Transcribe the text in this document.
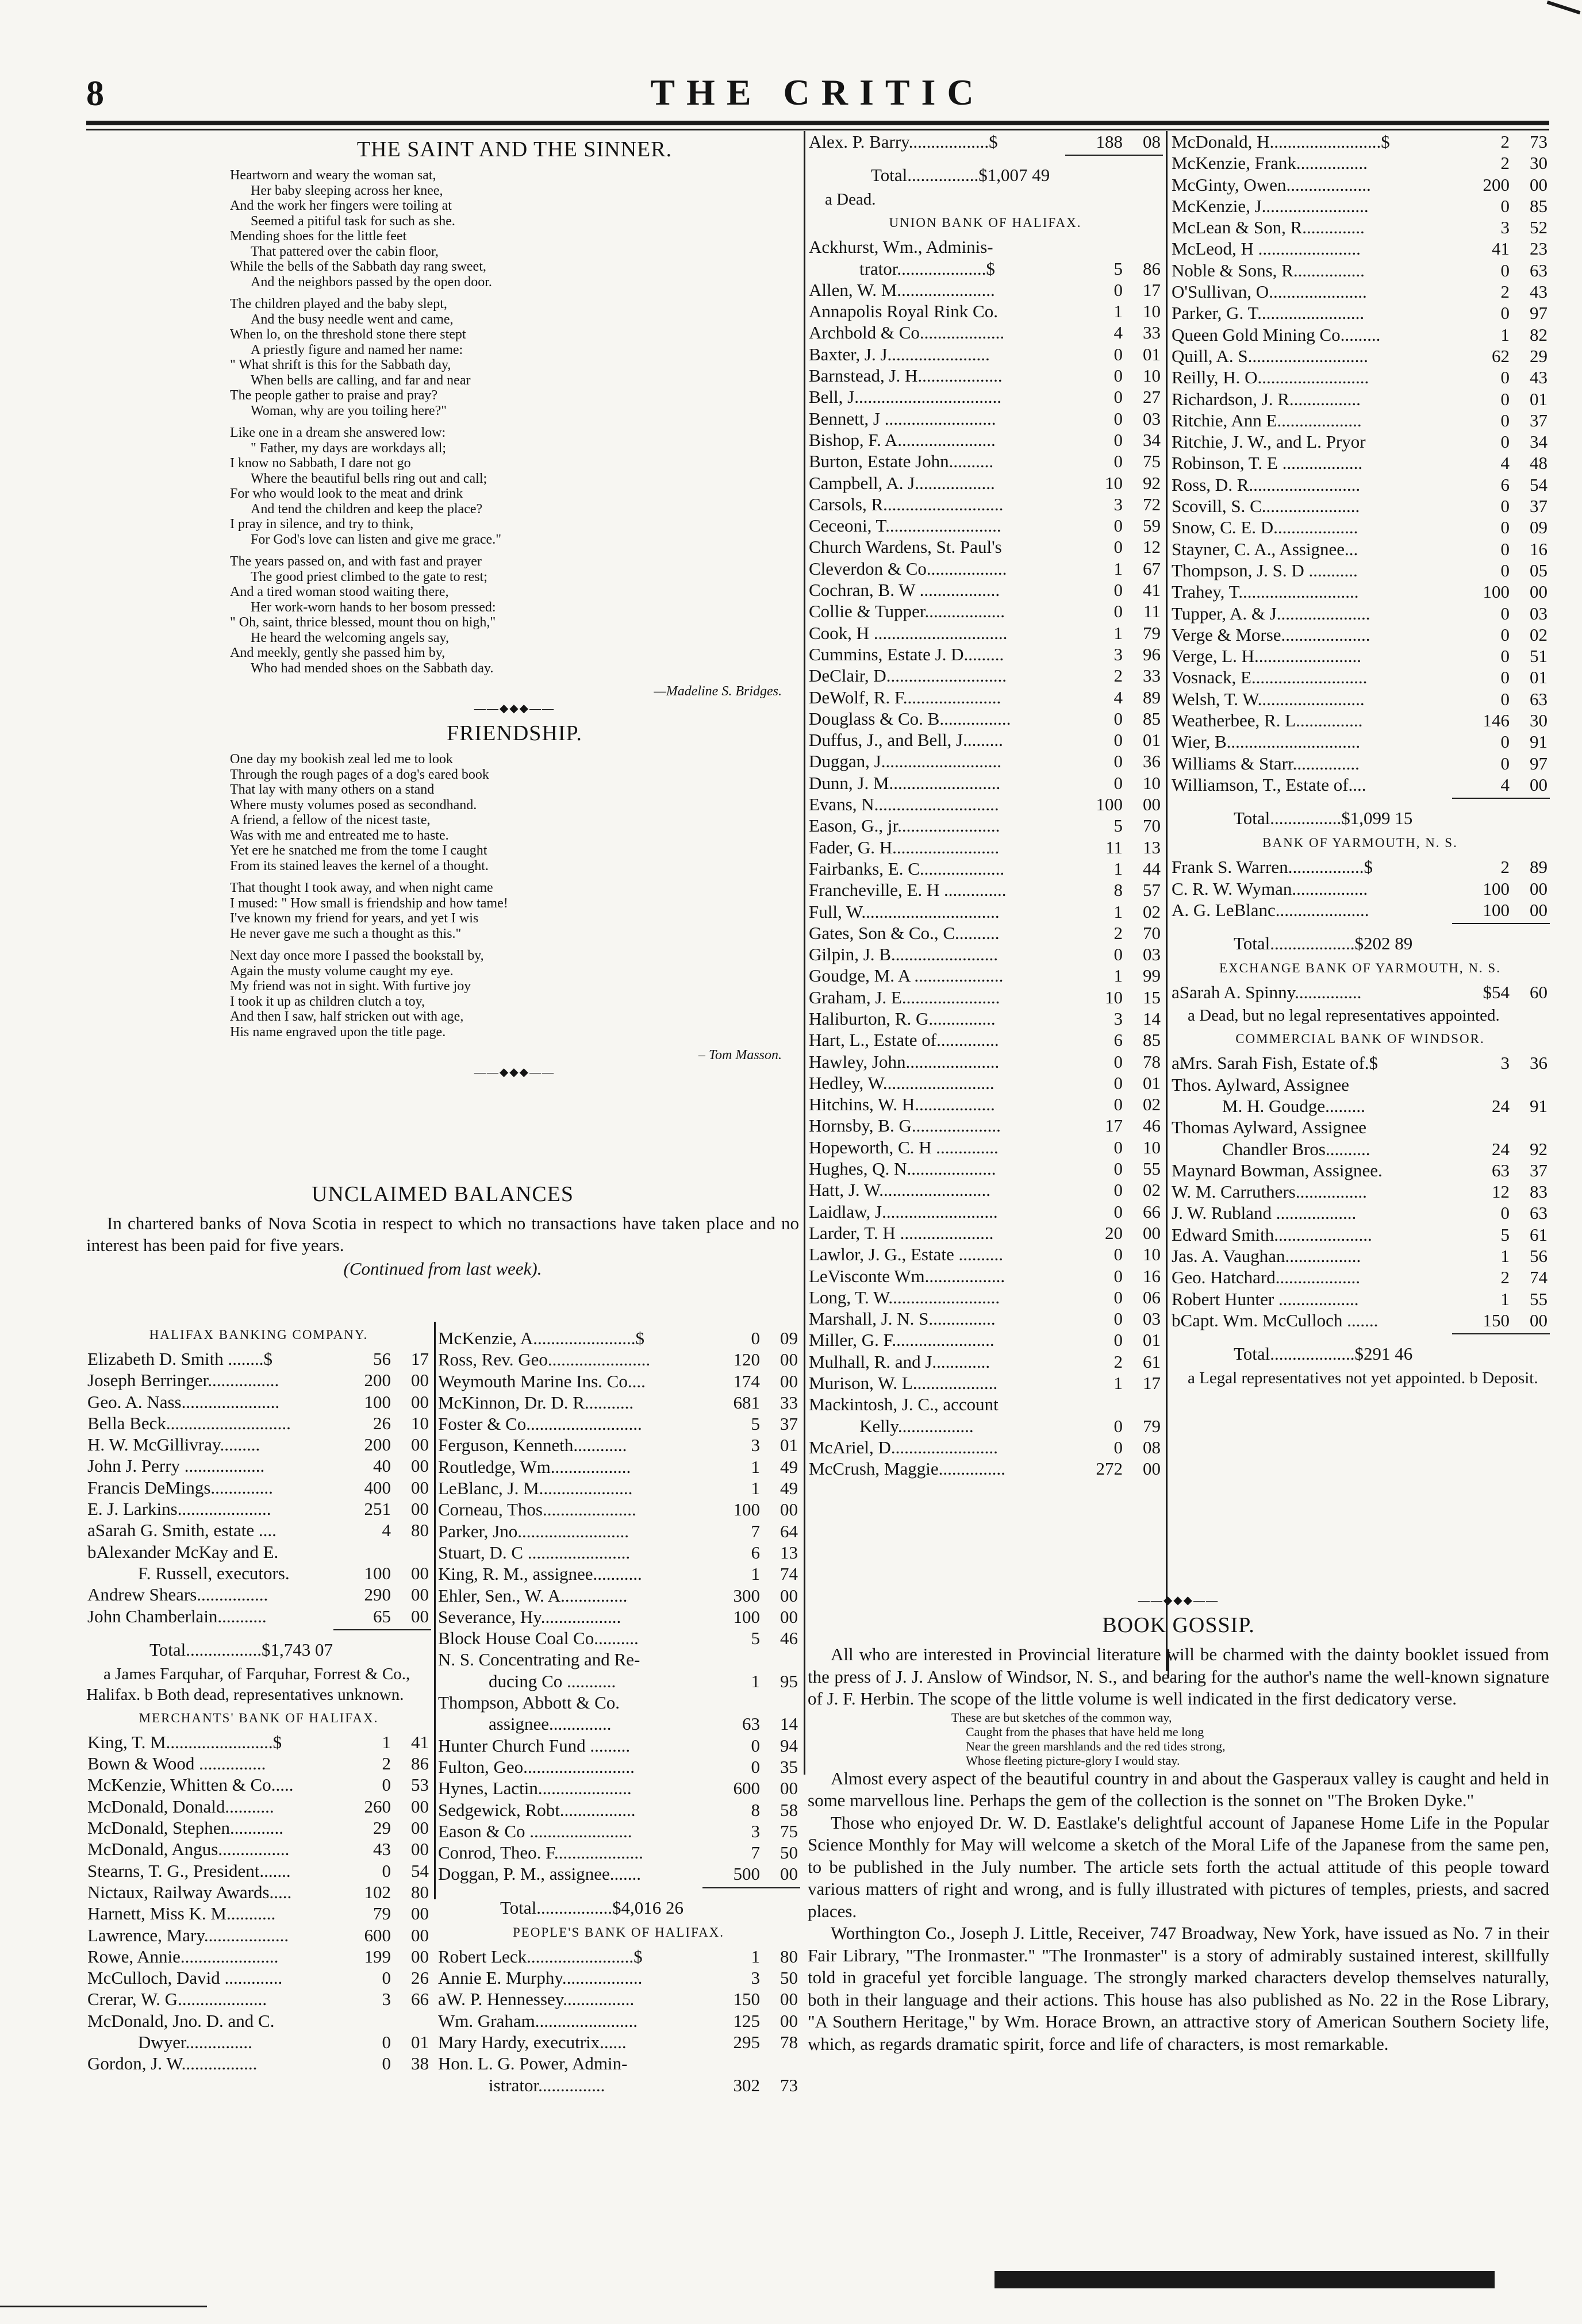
8	THE CRITIC
THE SAINT AND THE SINNER.
Heartworn and weary the woman sat,
Her baby sleeping across her knee,
And the work her fingers were toiling at
Seemed a pitiful task for such as she.
Mending shoes for the little feet
That pattered over the cabin floor,
While the bells of the Sabbath day rang sweet,
And the neighbors passed by the open door.
The children played and the baby slept,
And the busy needle went and came,
When lo, on the threshold stone there stept
A priestly figure and named her name:
" What shrift is this for the Sabbath day,
When bells are calling, and far and near
The people gather to praise and pray?
Woman, why are you toiling here?"
Like one in a dream she answered low:
" Father, my days are workdays all;
I know no Sabbath, I dare not go
Where the beautiful bells ring out and call;
For who would look to the meat and drink
And tend the children and keep the place?
I pray in silence, and try to think,
For God's love can listen and give me grace."
The years passed on, and with fast and prayer
The good priest climbed to the gate to rest;
And a tired woman stood waiting there,
Her work-worn hands to her bosom pressed:
" Oh, saint, thrice blessed, mount thou on high,"
He heard the welcoming angels say,
And meekly, gently she passed him by,
Who had mended shoes on the Sabbath day.
—Madeline S. Bridges.
——◆◆◆——
FRIENDSHIP.
One day my bookish zeal led me to look
Through the rough pages of a dog's eared book
That lay with many others on a stand
Where musty volumes posed as secondhand.
A friend, a fellow of the nicest taste,
Was with me and entreated me to haste.
Yet ere he snatched me from the tome I caught
From its stained leaves the kernel of a thought.
That thought I took away, and when night came
I mused: " How small is friendship and how tame!
I've known my friend for years, and yet I wis
He never gave me such a thought as this."
Next day once more I passed the bookstall by,
Again the musty volume caught my eye.
My friend was not in sight. With furtive joy
I took it up as children clutch a toy,
And then I saw, half stricken out with age,
His name engraved upon the title page.
– Tom Masson.
——◆◆◆——
UNCLAIMED BALANCES
In chartered banks of Nova Scotia in respect to which no transactions have taken place and no interest has been paid for five years.
(Continued from last week).
HALIFAX BANKING COMPANY.
Elizabeth D. Smith ........$	56	17
Joseph Berringer................	200	00
Geo. A. Nass......................	100	00
Bella Beck............................	26	10
H. W. McGillivray.........	200	00
John J. Perry ..................	40	00
Francis DeMings..............	400	00
E. J. Larkins.....................	251	00
aSarah G. Smith, estate ....	4	80
bAlexander McKay and E.
F. Russell, executors.	100	00
Andrew Shears................	290	00
John Chamberlain...........	65	00
Total.................$1,743 07
a James Farquhar, of Farquhar, Forrest & Co., Halifax. b Both dead, representatives unknown.
MERCHANTS' BANK OF HALIFAX.
King, T. M........................$	1	41
Bown & Wood ...............	2	86
McKenzie, Whitten & Co.....	0	53
McDonald, Donald...........	260	00
McDonald, Stephen............	29	00
McDonald, Angus................	43	00
Stearns, T. G., President.......	0	54
Nictaux, Railway Awards.....	102	80
Harnett, Miss K. M...........	79	00
Lawrence, Mary...................	600	00
Rowe, Annie......................	199	00
McCulloch, David .............	0	26
Crerar, W. G....................	3	66
McDonald, Jno. D. and C.
Dwyer...............	0	01
Gordon, J. W.................	0	38
McKenzie, A.......................$	0	09
Ross, Rev. Geo.......................	120	00
Weymouth Marine Ins. Co....	174	00
McKinnon, Dr. D. R...........	681	33
Foster & Co..........................	5	37
Ferguson, Kenneth............	3	01
Routledge, Wm..................	1	49
LeBlanc, J. M.....................	1	49
Corneau, Thos.....................	100	00
Parker, Jno.........................	7	64
Stuart, D. C .......................	6	13
King, R. M., assignee...........	1	74
Ehler, Sen., W. A...............	300	00
Severance, Hy..................	100	00
Block House Coal Co..........	5	46
N. S. Concentrating and Re-
ducing Co ...........	1	95
Thompson, Abbott & Co.
assignee..............	63	14
Hunter Church Fund .........	0	94
Fulton, Geo.........................	0	35
Hynes, Lactin.....................	600	00
Sedgewick, Robt.................	8	58
Eason & Co .......................	3	75
Conrod, Theo. F....................	7	50
Doggan, P. M., assignee.......	500	00
Total.................$4,016 26
PEOPLE'S BANK OF HALIFAX.
Robert Leck........................$	1	80
Annie E. Murphy..................	3	50
aW. P. Hennessey................	150	00
Wm. Graham.......................	125	00
Mary Hardy, executrix......	295	78
Hon. L. G. Power, Admin-
istrator...............	302	73
Alex. P. Barry..................$	188	08
Total................$1,007 49
a Dead.
UNION BANK OF HALIFAX.
Ackhurst, Wm., Adminis-
trator....................$	5	86
Allen, W. M......................	0	17
Annapolis Royal Rink Co.	1	10
Archbold & Co...................	4	33
Baxter, J. J.......................	0	01
Barnstead, J. H...................	0	10
Bell, J.................................	0	27
Bennett, J .........................	0	03
Bishop, F. A......................	0	34
Burton, Estate John..........	0	75
Campbell, A. J..................	10	92
Carsols, R...........................	3	72
Ceceoni, T..........................	0	59
Church Wardens, St. Paul's	0	12
Cleverdon & Co..................	1	67
Cochran, B. W ..................	0	41
Collie & Tupper..................	0	11
Cook, H ..............................	1	79
Cummins, Estate J. D.........	3	96
DeClair, D...........................	2	33
DeWolf, R. F......................	4	89
Douglass & Co. B................	0	85
Duffus, J., and Bell, J.........	0	01
Duggan, J...........................	0	36
Dunn, J. M.........................	0	10
Evans, N............................	100	00
Eason, G., jr.......................	5	70
Fader, G. H........................	11	13
Fairbanks, E. C...................	1	44
Francheville, E. H ..............	8	57
Full, W...............................	1	02
Gates, Son & Co., C..........	2	70
Gilpin, J. B........................	0	03
Goudge, M. A ....................	1	99
Graham, J. E......................	10	15
Haliburton, R. G...............	3	14
Hart, L., Estate of..............	6	85
Hawley, John.....................	0	78
Hedley, W.........................	0	01
Hitchins, W. H..................	0	02
Hornsby, B. G....................	17	46
Hopeworth, C. H ..............	0	10
Hughes, Q. N....................	0	55
Hatt, J. W.........................	0	02
Laidlaw, J..........................	0	66
Larder, T. H .....................	20	00
Lawlor, J. G., Estate ..........	0	10
LeVisconte Wm..................	0	16
Long, T. W.........................	0	06
Marshall, J. N. S...............	0	03
Miller, G. F.......................	0	01
Mulhall, R. and J.............	2	61
Murison, W. L...................	1	17
Mackintosh, J. C., account
Kelly.................	0	79
McAriel, D........................	0	08
McCrush, Maggie...............	272	00
McDonald, H.........................$	2	73
McKenzie, Frank................	2	30
McGinty, Owen...................	200	00
McKenzie, J........................	0	85
McLean & Son, R..............	3	52
McLeod, H .......................	41	23
Noble & Sons, R................	0	63
O'Sullivan, O......................	2	43
Parker, G. T........................	0	97
Queen Gold Mining Co.........	1	82
Quill, A. S...........................	62	29
Reilly, H. O.........................	0	43
Richardson, J. R................	0	01
Ritchie, Ann E...................	0	37
Ritchie, J. W., and L. Pryor	0	34
Robinson, T. E ..................	4	48
Ross, D. R.........................	6	54
Scovill, S. C......................	0	37
Snow, C. E. D...................	0	09
Stayner, C. A., Assignee...	0	16
Thompson, J. S. D ...........	0	05
Trahey, T...........................	100	00
Tupper, A. & J.....................	0	03
Verge & Morse....................	0	02
Verge, L. H........................	0	51
Vosnack, E..........................	0	01
Welsh, T. W........................	0	63
Weatherbee, R. L...............	146	30
Wier, B..............................	0	91
Williams & Starr...............	0	97
Williamson, T., Estate of....	4	00
Total................$1,099 15
BANK OF YARMOUTH, N. S.
Frank S. Warren.................$	2	89
C. R. W. Wyman.................	100	00
A. G. LeBlanc.....................	100	00
Total...................$202 89
EXCHANGE BANK OF YARMOUTH, N. S.
aSarah A. Spinny...............	$54	60
a Dead, but no legal representatives appointed.
COMMERCIAL BANK OF WINDSOR.
aMrs. Sarah Fish, Estate of.$	3	36
Thos. Aylward, Assignee
M. H. Goudge.........	24	91
Thomas Aylward, Assignee
Chandler Bros..........	24	92
Maynard Bowman, Assignee.	63	37
W. M. Carruthers................	12	83
J. W. Rubland ..................	0	63
Edward Smith......................	5	61
Jas. A. Vaughan.................	1	56
Geo. Hatchard...................	2	74
Robert Hunter ..................	1	55
bCapt. Wm. McCulloch .......	150	00
Total...................$291 46
a Legal representatives not yet appointed. b Deposit.
——◆◆◆——
BOOK GOSSIP.
All who are interested in Provincial literature will be charmed with the dainty booklet issued from the press of J. J. Anslow of Windsor, N. S., and bearing for the author's name the well-known signature of J. F. Herbin. The scope of the little volume is well indicated in the first dedicatory verse.
These are but sketches of the common way,
Caught from the phases that have held me long
Near the green marshlands and the red tides strong,
Whose fleeting picture-glory I would stay.
Almost every aspect of the beautiful country in and about the Gasperaux valley is caught and held in some marvellous line. Perhaps the gem of the collection is the sonnet on "The Broken Dyke."
Those who enjoyed Dr. W. D. Eastlake's delightful account of Japanese Home Life in the Popular Science Monthly for May will welcome a sketch of the Moral Life of the Japanese from the same pen, to be published in the July number. The article sets forth the actual attitude of this people toward various matters of right and wrong, and is fully illustrated with pictures of temples, priests, and sacred places.
Worthington Co., Joseph J. Little, Receiver, 747 Broadway, New York, have issued as No. 7 in their Fair Library, "The Ironmaster." "The Ironmaster" is a story of admirably sustained interest, skillfully told in graceful yet forcible language. The strongly marked characters develop themselves naturally, both in their language and their actions. This house has also published as No. 22 in the Rose Library, "A Southern Heritage," by Wm. Horace Brown, an attractive story of American Southern Society life, which, as regards dramatic spirit, force and life of characters, is most remarkable.
